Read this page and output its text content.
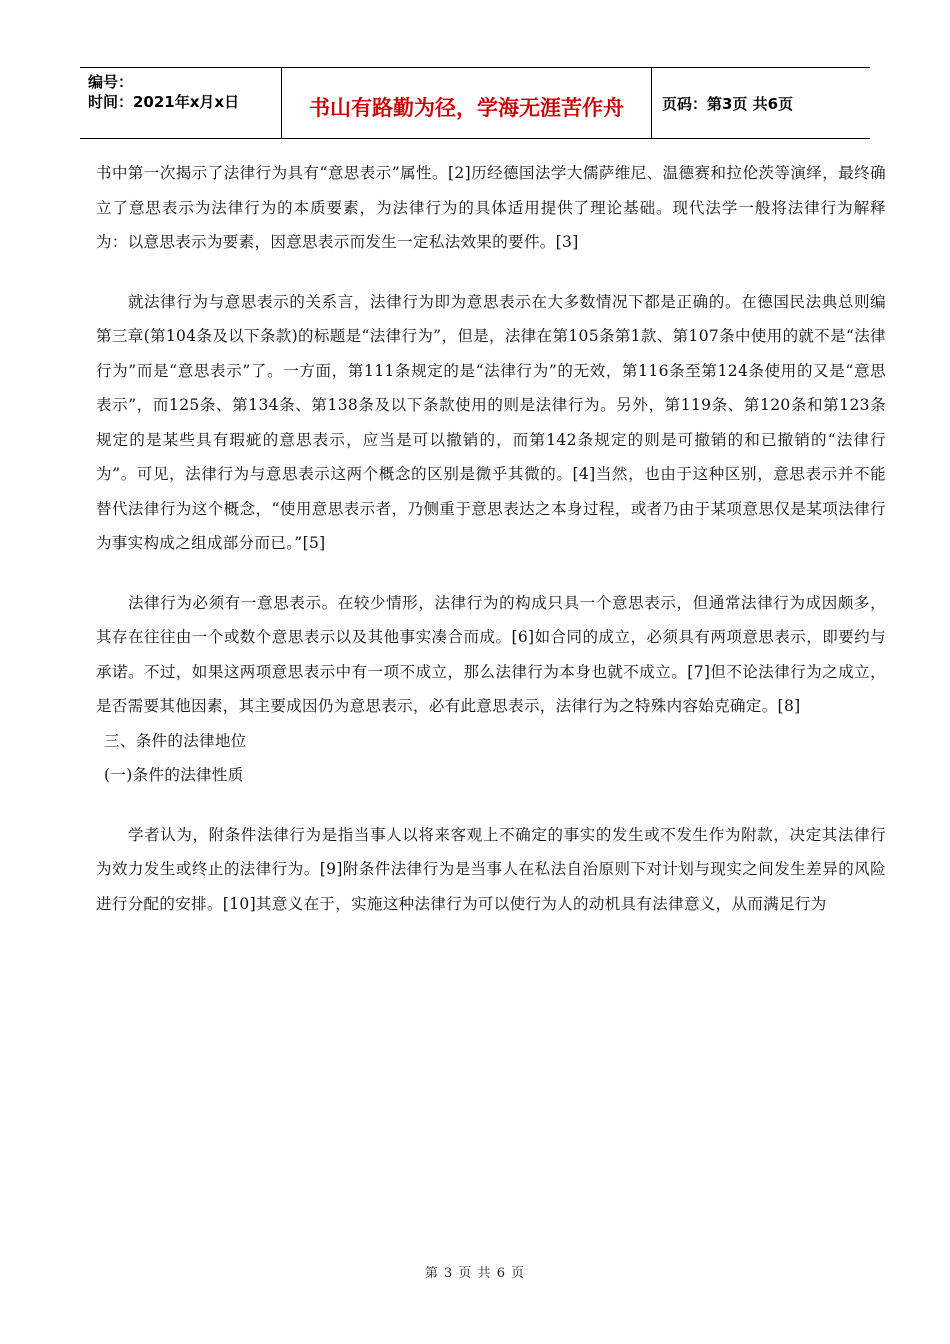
编号：
时间：2021年x月x日	书山有路勤为径，学海无涯苦作舟	页码：第3页 共6页

书中第一次揭示了法律行为具有“意思表示”属性。[2]历经德国法学大儒萨维尼、温德赛和拉伦茨等演绎，最终确立了意思表示为法律行为的本质要素，为法律行为的具体适用提供了理论基础。现代法学一般将法律行为解释为：以意思表示为要素，因意思表示而发生一定私法效果的要件。[3]

就法律行为与意思表示的关系言，法律行为即为意思表示在大多数情况下都是正确的。在德国民法典总则编第三章(第104条及以下条款)的标题是“法律行为”，但是，法律在第105条第1款、第107条中使用的就不是“法律行为”而是“意思表示”了。一方面，第111条规定的是“法律行为”的无效，第116条至第124条使用的又是“意思表示”，而125条、第134条、第138条及以下条款使用的则是法律行为。另外，第119条、第120条和第123条规定的是某些具有瑕疵的意思表示，应当是可以撤销的，而第142条规定的则是可撤销的和已撤销的“法律行为”。可见，法律行为与意思表示这两个概念的区别是微乎其微的。[4]当然，也由于这种区别，意思表示并不能替代法律行为这个概念，“使用意思表示者，乃侧重于意思表达之本身过程，或者乃由于某项意思仅是某项法律行为事实构成之组成部分而已。”[5]

法律行为必须有一意思表示。在较少情形，法律行为的构成只具一个意思表示，但通常法律行为成因颇多，其存在往往由一个或数个意思表示以及其他事实凑合而成。[6]如合同的成立，必须具有两项意思表示，即要约与承诺。不过，如果这两项意思表示中有一项不成立，那么法律行为本身也就不成立。[7]但不论法律行为之成立，是否需要其他因素，其主要成因仍为意思表示，必有此意思表示，法律行为之特殊内容始克确定。[8]

三、条件的法律地位

(一)条件的法律性质

学者认为，附条件法律行为是指当事人以将来客观上不确定的事实的发生或不发生作为附款，决定其法律行为效力发生或终止的法律行为。[9]附条件法律行为是当事人在私法自治原则下对计划与现实之间发生差异的风险进行分配的安排。[10]其意义在于，实施这种法律行为可以使行为人的动机具有法律意义，从而满足行为

第 3 页 共 6 页
